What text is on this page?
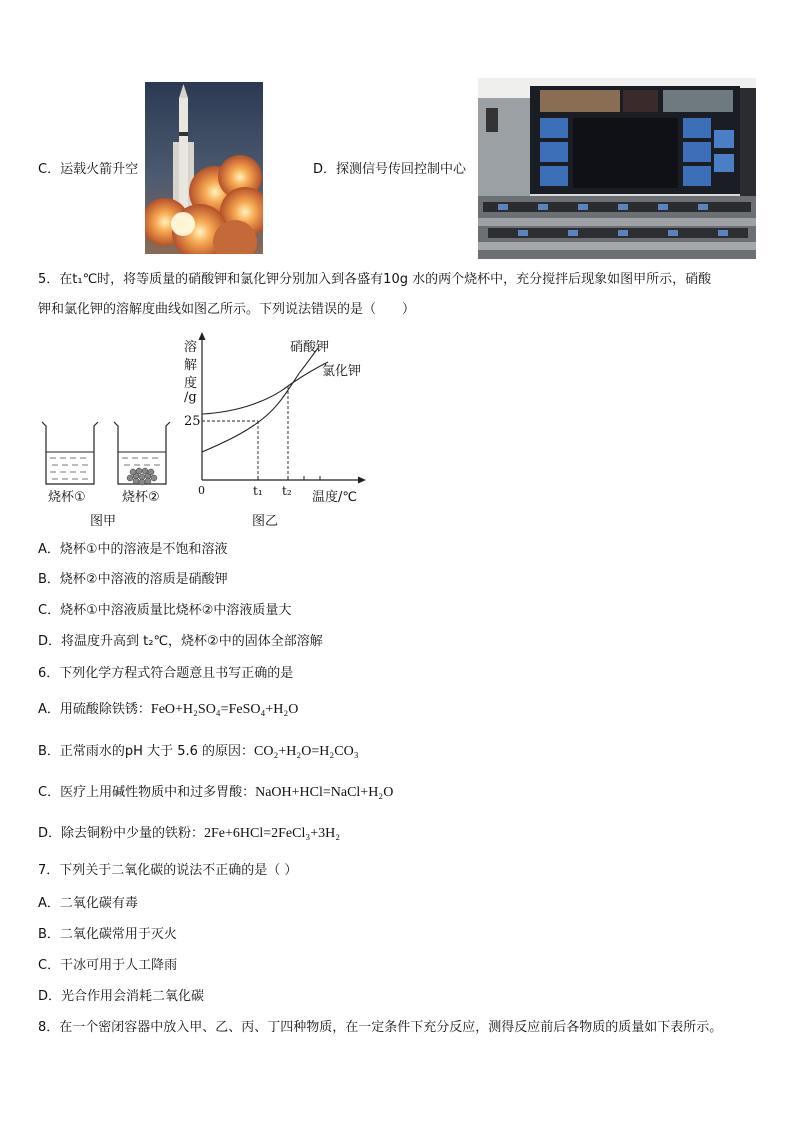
C．运载火箭升空	D．探测信号传回控制中心
5．在t₁℃时，将等质量的硝酸钾和氯化钾分别加入到各盛有10g 水的两个烧杯中，充分搅拌后现象如图甲所示，硝酸
钾和氯化钾的溶解度曲线如图乙所示。下列说法错误的是（　　）
烧杯①	烧杯②
图甲
溶
解
度
/g
25
0	t₁ t₂ 温度/℃
硝酸钾
氯化钾
图乙
A．烧杯①中的溶液是不饱和溶液
B．烧杯②中溶液的溶质是硝酸钾
C．烧杯①中溶液质量比烧杯②中溶液质量大
D．将温度升高到 t₂℃，烧杯②中的固体全部溶解
6．下列化学方程式符合题意且书写正确的是
A．用硫酸除铁锈：FeO+H₂SO₄=FeSO₄+H₂O
B．正常雨水的pH 大于 5.6 的原因：CO₂+H₂O=H₂CO₃
C．医疗上用碱性物质中和过多胃酸：NaOH+HCl=NaCl+H₂O
D．除去铜粉中少量的铁粉：2Fe+6HCl=2FeCl₃+3H₂
7．下列关于二氧化碳的说法不正确的是（ ）
A．二氧化碳有毒
B．二氧化碳常用于灭火
C．干冰可用于人工降雨
D．光合作用会消耗二氧化碳
8．在一个密闭容器中放入甲、乙、丙、丁四种物质，在一定条件下充分反应，测得反应前后各物质的质量如下表所示。
